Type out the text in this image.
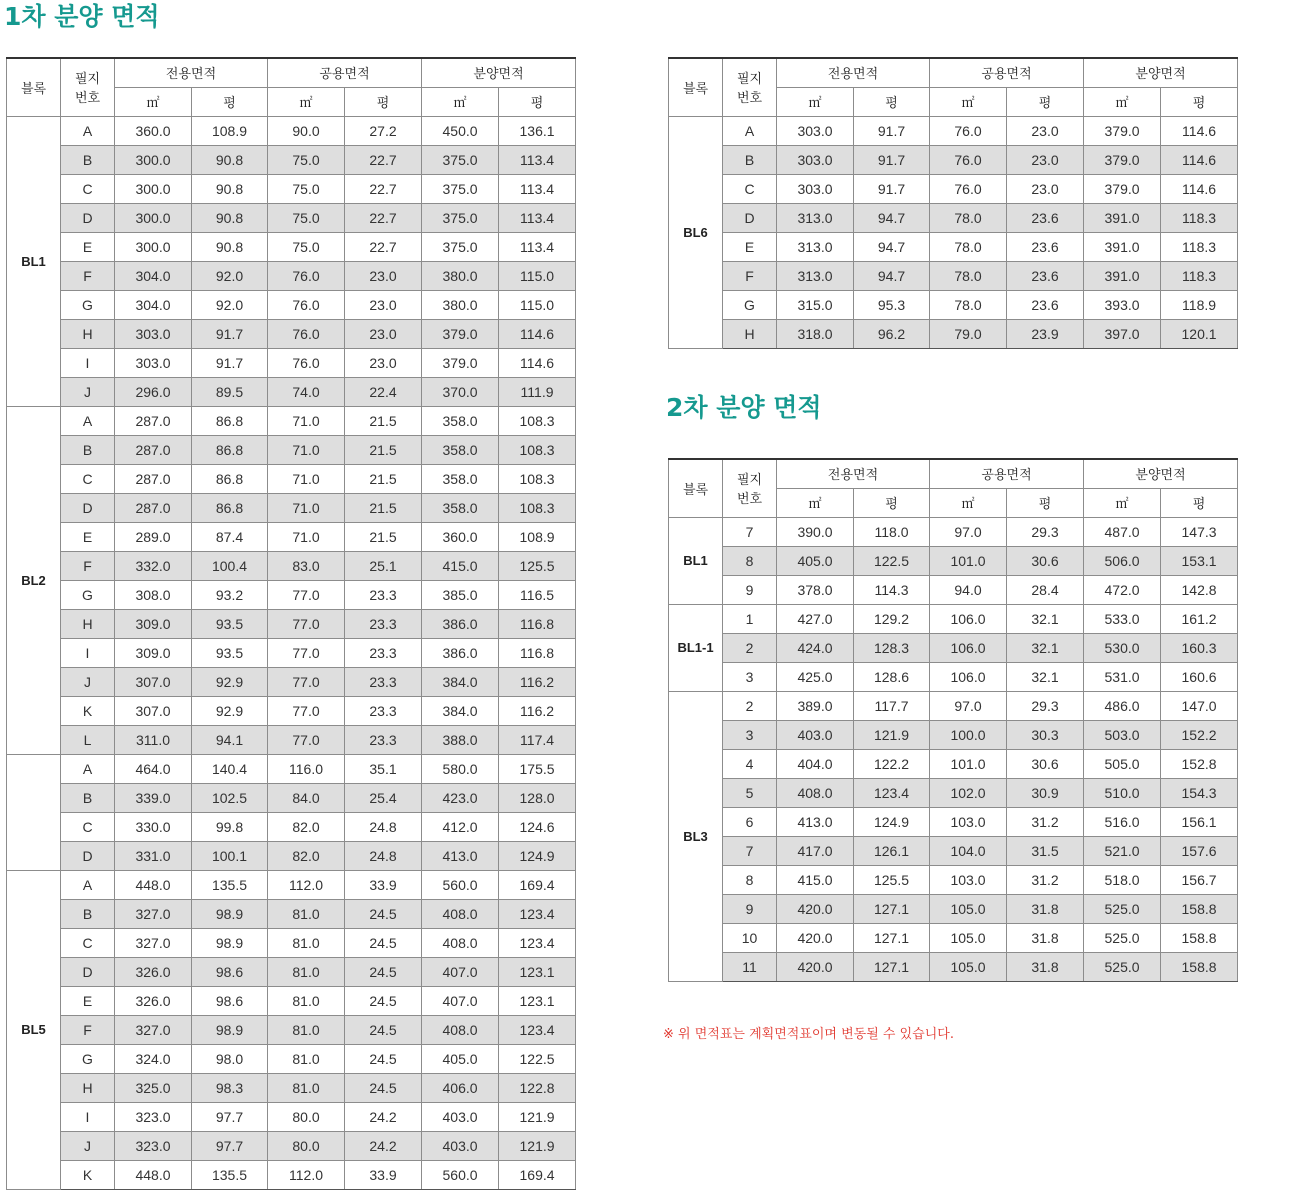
1차 분양 면적
블록	필지
번호	전용면적		공용면적		분양면적	
		㎡	평	㎡	평	㎡	평
BL1	A	360.0	108.9	90.0	27.2	450.0	136.1
	B	300.0	90.8	75.0	22.7	375.0	113.4
	C	300.0	90.8	75.0	22.7	375.0	113.4
	D	300.0	90.8	75.0	22.7	375.0	113.4
	E	300.0	90.8	75.0	22.7	375.0	113.4
	F	304.0	92.0	76.0	23.0	380.0	115.0
	G	304.0	92.0	76.0	23.0	380.0	115.0
	H	303.0	91.7	76.0	23.0	379.0	114.6
	I	303.0	91.7	76.0	23.0	379.0	114.6
	J	296.0	89.5	74.0	22.4	370.0	111.9
BL2	A	287.0	86.8	71.0	21.5	358.0	108.3
	B	287.0	86.8	71.0	21.5	358.0	108.3
	C	287.0	86.8	71.0	21.5	358.0	108.3
	D	287.0	86.8	71.0	21.5	358.0	108.3
	E	289.0	87.4	71.0	21.5	360.0	108.9
	F	332.0	100.4	83.0	25.1	415.0	125.5
	G	308.0	93.2	77.0	23.3	385.0	116.5
	H	309.0	93.5	77.0	23.3	386.0	116.8
	I	309.0	93.5	77.0	23.3	386.0	116.8
	J	307.0	92.9	77.0	23.3	384.0	116.2
	K	307.0	92.9	77.0	23.3	384.0	116.2
	L	311.0	94.1	77.0	23.3	388.0	117.4
	A	464.0	140.4	116.0	35.1	580.0	175.5
	B	339.0	102.5	84.0	25.4	423.0	128.0
	C	330.0	99.8	82.0	24.8	412.0	124.6
	D	331.0	100.1	82.0	24.8	413.0	124.9
BL5	A	448.0	135.5	112.0	33.9	560.0	169.4
	B	327.0	98.9	81.0	24.5	408.0	123.4
	C	327.0	98.9	81.0	24.5	408.0	123.4
	D	326.0	98.6	81.0	24.5	407.0	123.1
	E	326.0	98.6	81.0	24.5	407.0	123.1
	F	327.0	98.9	81.0	24.5	408.0	123.4
	G	324.0	98.0	81.0	24.5	405.0	122.5
	H	325.0	98.3	81.0	24.5	406.0	122.8
	I	323.0	97.7	80.0	24.2	403.0	121.9
	J	323.0	97.7	80.0	24.2	403.0	121.9
	K	448.0	135.5	112.0	33.9	560.0	169.4
블록	필지
번호	전용면적		공용면적		분양면적	
		㎡	평	㎡	평	㎡	평
BL6	A	303.0	91.7	76.0	23.0	379.0	114.6
	B	303.0	91.7	76.0	23.0	379.0	114.6
	C	303.0	91.7	76.0	23.0	379.0	114.6
	D	313.0	94.7	78.0	23.6	391.0	118.3
	E	313.0	94.7	78.0	23.6	391.0	118.3
	F	313.0	94.7	78.0	23.6	391.0	118.3
	G	315.0	95.3	78.0	23.6	393.0	118.9
	H	318.0	96.2	79.0	23.9	397.0	120.1
2차 분양 면적
블록	필지
번호	전용면적		공용면적		분양면적	
		㎡	평	㎡	평	㎡	평
BL1	7	390.0	118.0	97.0	29.3	487.0	147.3
	8	405.0	122.5	101.0	30.6	506.0	153.1
	9	378.0	114.3	94.0	28.4	472.0	142.8
BL1-1	1	427.0	129.2	106.0	32.1	533.0	161.2
	2	424.0	128.3	106.0	32.1	530.0	160.3
	3	425.0	128.6	106.0	32.1	531.0	160.6
BL3	2	389.0	117.7	97.0	29.3	486.0	147.0
	3	403.0	121.9	100.0	30.3	503.0	152.2
	4	404.0	122.2	101.0	30.6	505.0	152.8
	5	408.0	123.4	102.0	30.9	510.0	154.3
	6	413.0	124.9	103.0	31.2	516.0	156.1
	7	417.0	126.1	104.0	31.5	521.0	157.6
	8	415.0	125.5	103.0	31.2	518.0	156.7
	9	420.0	127.1	105.0	31.8	525.0	158.8
	10	420.0	127.1	105.0	31.8	525.0	158.8
	11	420.0	127.1	105.0	31.8	525.0	158.8
※ 위 면적표는 계획면적표이며 변동될 수 있습니다.
